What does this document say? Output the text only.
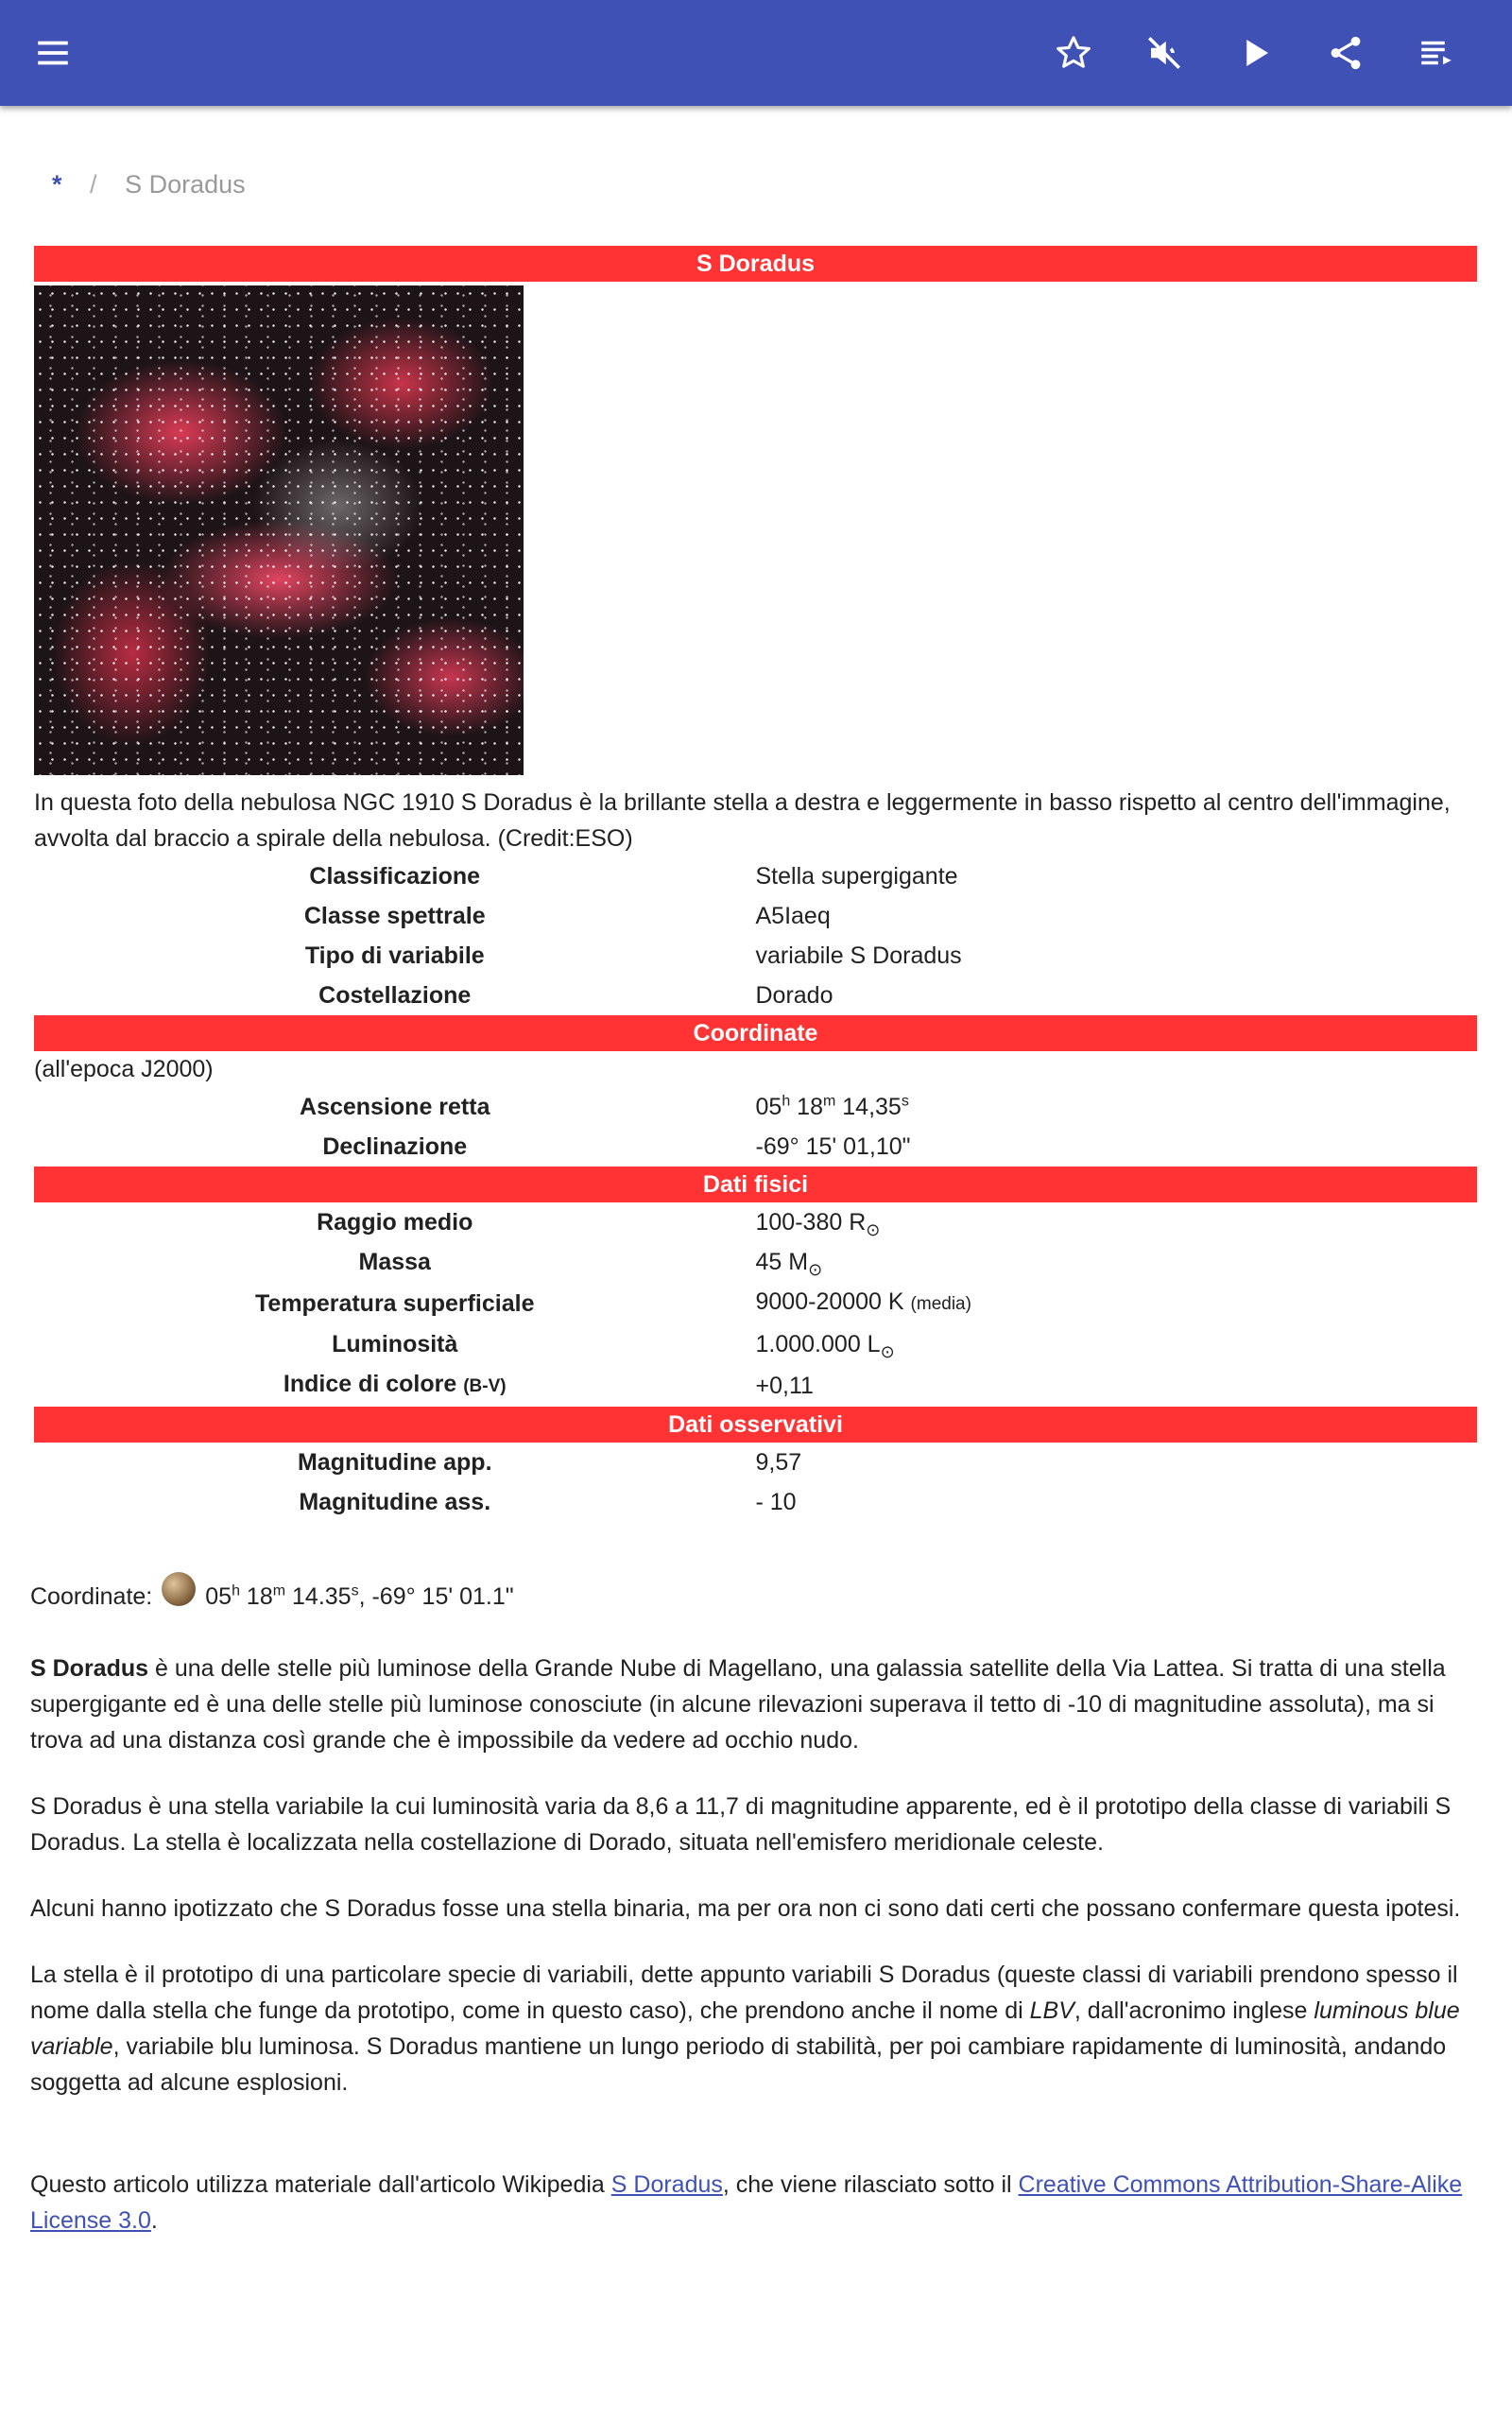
* / S Doradus
S Doradus
In questa foto della nebulosa NGC 1910 S Doradus è la brillante stella a destra e leggermente in basso rispetto al centro dell'immagine, avvolta dal braccio a spirale della nebulosa. (Credit:ESO)
Classificazione	Stella supergigante
Classe spettrale	A5Iaeq
Tipo di variabile	variabile S Doradus
Costellazione	Dorado
Coordinate
(all'epoca J2000)
Ascensione retta	05$^h$ 18$^m$ 14,35$^s$
Declinazione	-69° 15' 01,10"
Dati fisici
Raggio medio	100-380 $R_⊙$
Massa	45 $M_⊙$
Temperatura superficiale	9000-20000 K (media)
Luminosità	1.000.000 $L_⊙$
Indice di colore (B-V)	+0,11
Dati osservativi
Magnitudine app.	9,57
Magnitudine ass.	- 10
Coordinate: 05$^h$ 18$^m$ 14.35$^s$, -69° 15' 01.1"

S Doradus è una delle stelle più luminose della Grande Nube di Magellano, una galassia satellite della Via Lattea. Si tratta di una stella supergigante ed è una delle stelle più luminose conosciute (in alcune rilevazioni superava il tetto di -10 di magnitudine assoluta), ma si trova ad una distanza così grande che è impossibile da vedere ad occhio nudo.

S Doradus è una stella variabile la cui luminosità varia da 8,6 a 11,7 di magnitudine apparente, ed è il prototipo della classe di variabili S Doradus. La stella è localizzata nella costellazione di Dorado, situata nell'emisfero meridionale celeste.

Alcuni hanno ipotizzato che S Doradus fosse una stella binaria, ma per ora non ci sono dati certi che possano confermare questa ipotesi.

La stella è il prototipo di una particolare specie di variabili, dette appunto variabili S Doradus (queste classi di variabili prendono spesso il nome dalla stella che funge da prototipo, come in questo caso), che prendono anche il nome di LBV, dall'acronimo inglese luminous blue variable, variabile blu luminosa. S Doradus mantiene un lungo periodo di stabilità, per poi cambiare rapidamente di luminosità, andando soggetta ad alcune esplosioni.

Questo articolo utilizza materiale dall'articolo Wikipedia S Doradus, che viene rilasciato sotto il Creative Commons Attribution-Share-Alike License 3.0.
